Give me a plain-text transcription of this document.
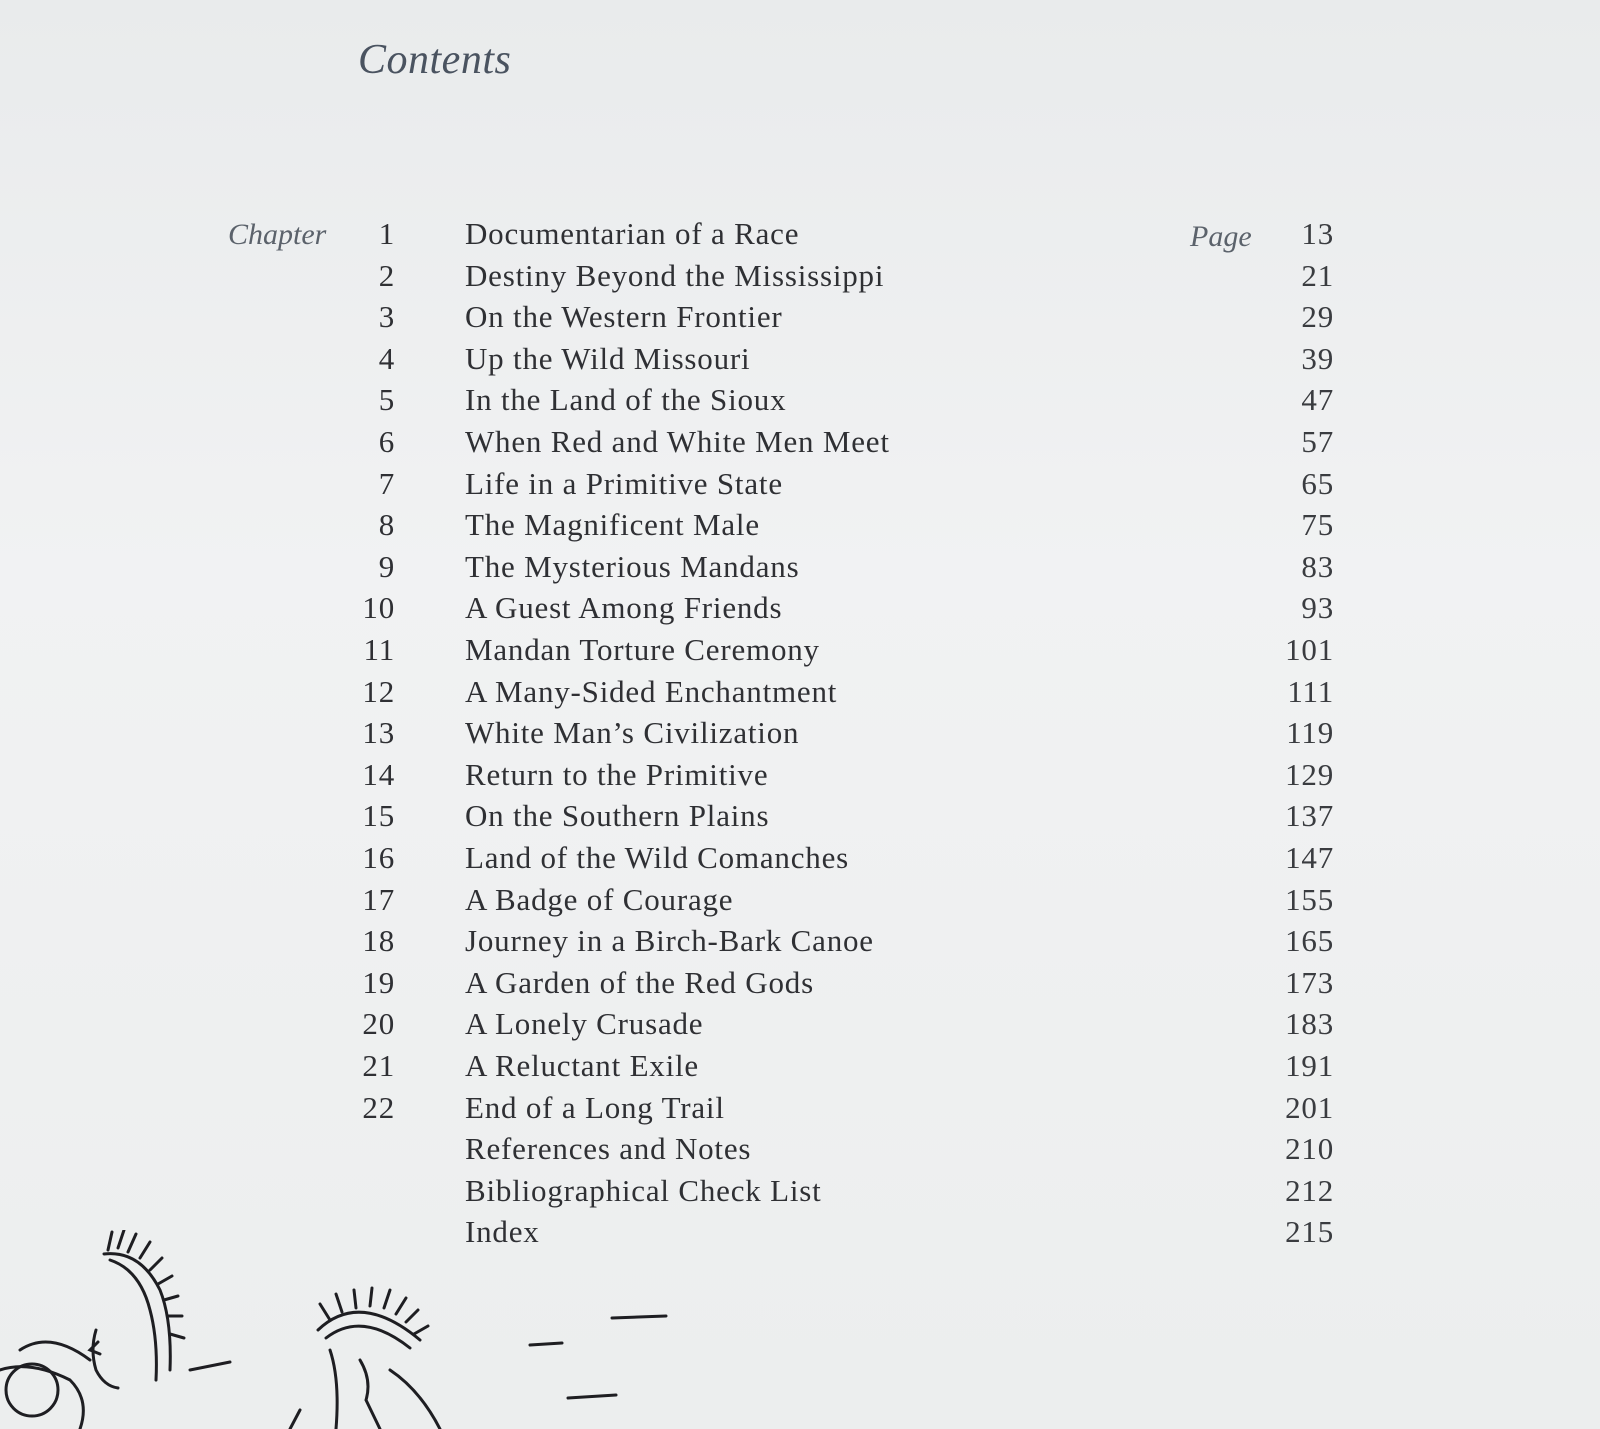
Contents
Chapter	Page
1 Documentarian of a Race	13
2 Destiny Beyond the Mississippi	21
3 On the Western Frontier	29
4 Up the Wild Missouri	39
5 In the Land of the Sioux	47
6 When Red and White Men Meet	57
7 Life in a Primitive State	65
8 The Magnificent Male	75
9 The Mysterious Mandans	83
10 A Guest Among Friends	93
11 Mandan Torture Ceremony	101
12 A Many-Sided Enchantment	111
13 White Man’s Civilization	119
14 Return to the Primitive	129
15 On the Southern Plains	137
16 Land of the Wild Comanches	147
17 A Badge of Courage	155
18 Journey in a Birch-Bark Canoe	165
19 A Garden of the Red Gods	173
20 A Lonely Crusade	183
21 A Reluctant Exile	191
22 End of a Long Trail	201
References and Notes	210
Bibliographical Check List	212
Index	215
